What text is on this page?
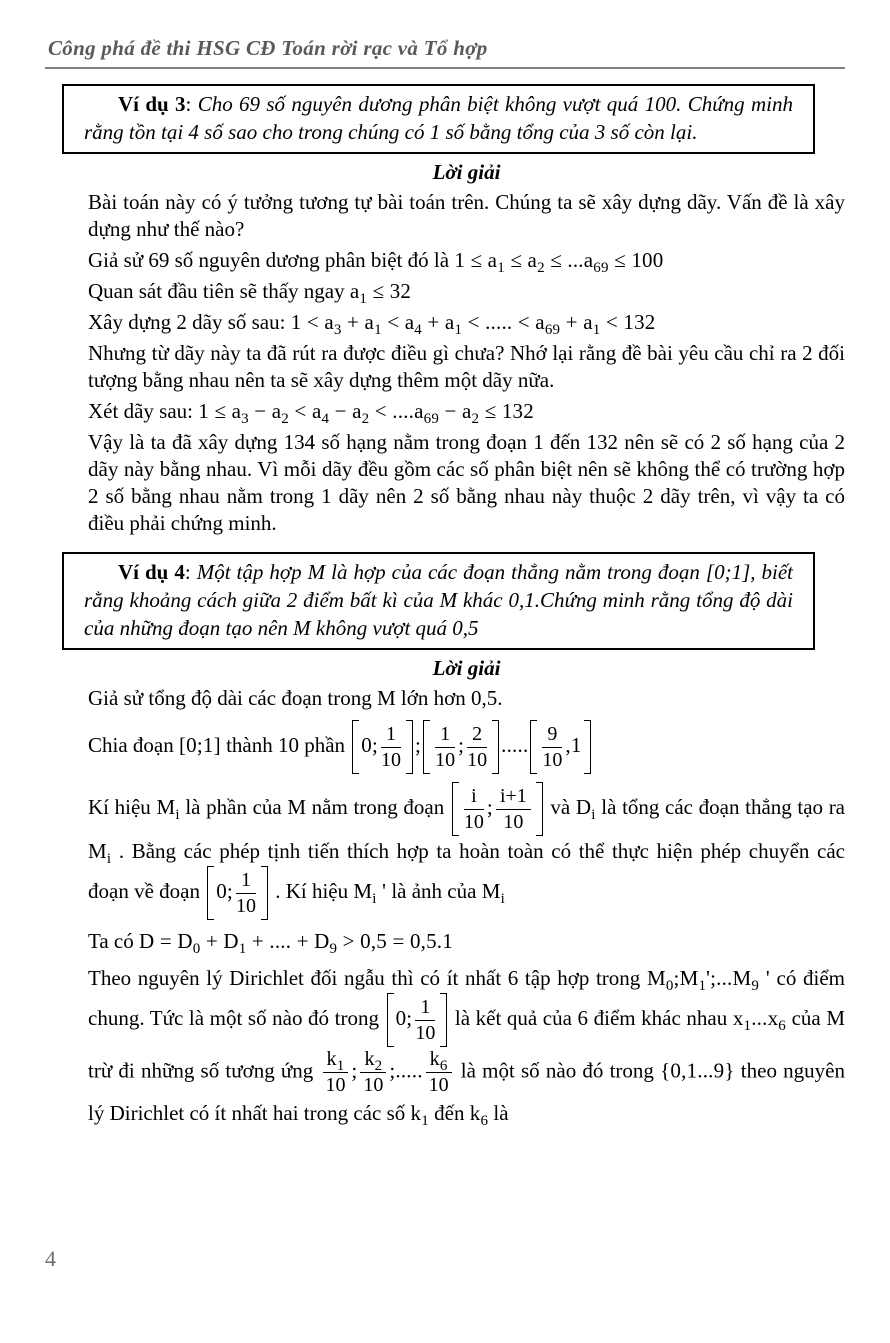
Công phá đề thi HSG CĐ Toán rời rạc và Tổ hợp
Ví dụ 3: Cho 69 số nguyên dương phân biệt không vượt quá 100. Chứng minh rằng tồn tại 4 số sao cho trong chúng có 1 số bằng tổng của 3 số còn lại.
Lời giải

Bài toán này có ý tưởng tương tự bài toán trên. Chúng ta sẽ xây dựng dãy. Vấn đề là xây dựng như thế nào?

Giả sử 69 số nguyên dương phân biệt đó là $1 \le a_1 \le a_2 \le ...a_{69} \le 100$

Quan sát đầu tiên sẽ thấy ngay $a_1 \le 32$

Xây dựng 2 dãy số sau: $1 < a_3 + a_1 < a_4 + a_1$ < ..... < $a_{69} + a_1 < 132$

Nhưng từ dãy này ta đã rút ra được điều gì chưa? Nhớ lại rằng đề bài yêu cầu chỉ ra 2 đối tượng bằng nhau nên ta sẽ xây dựng thêm một dãy nữa.

Xét dãy sau: $1 \le a_3 - a_2 < a_4 - a_2 < ....a_{69} - a_2 \le 132$

Vậy là ta đã xây dựng 134 số hạng nằm trong đoạn 1 đến 132 nên sẽ có 2 số hạng của 2 dãy này bằng nhau. Vì mỗi dãy đều gồm các số phân biệt nên sẽ không thể có trường hợp 2 số bằng nhau nằm trong 1 dãy nên 2 số bằng nhau này thuộc 2 dãy trên, vì vậy ta có điều phải chứng minh.

Ví dụ 4: Một tập hợp M là hợp của các đoạn thẳng nằm trong đoạn [0;1], biết rằng khoảng cách giữa 2 điểm bất kì của M khác 0,1.Chứng minh rằng tổng độ dài của những đoạn tạo nên M không vượt quá 0,5
Lời giải

Giả sử tổng độ dài các đoạn trong M lớn hơn 0,5.

Chia đoạn [0;1] thành 10 phần 0; $\frac{1}{10}$ ; $\frac{1}{10}$ ; $\frac{2}{10}$ ..... $\frac{9}{10} ,1$

Kí hiệu $M_i$ là phần của M nằm trong đoạn $\frac{i}{10}$ ; $\frac{i+1}{10}$ và $D_i$ là tổng các đoạn thẳng tạo ra $M_i$ . Bằng các phép tịnh tiến thích hợp ta hoàn toàn có thể thực hiện phép chuyển các đoạn về đoạn 0; $\frac{1}{10}$ . Kí hiệu $M_i$ ' là ảnh của $M_i$

Ta có $D = D_0 + D_1$ + .... + $D_9 > 0,5 = 0,5.1$

Theo nguyên lý Dirichlet đối ngẫu thì có ít nhất 6 tập hợp trong $M_0;M_1';...M_9$ ' có điểm chung. Tức là một số nào đó trong 0; $\frac{1}{10}$ là kết quả của 6 điểm khác nhau $x_1...x_6$ của M trừ đi những số tương ứng $\frac{k_1}{10}$ ; $\frac{k_2}{10}$ ;..... $\frac{k_6}{10}$ là một số nào đó trong {0,1...9} theo nguyên lý Dirichlet có ít nhất hai trong các số $k_1$ đến $k_6$ là

4
